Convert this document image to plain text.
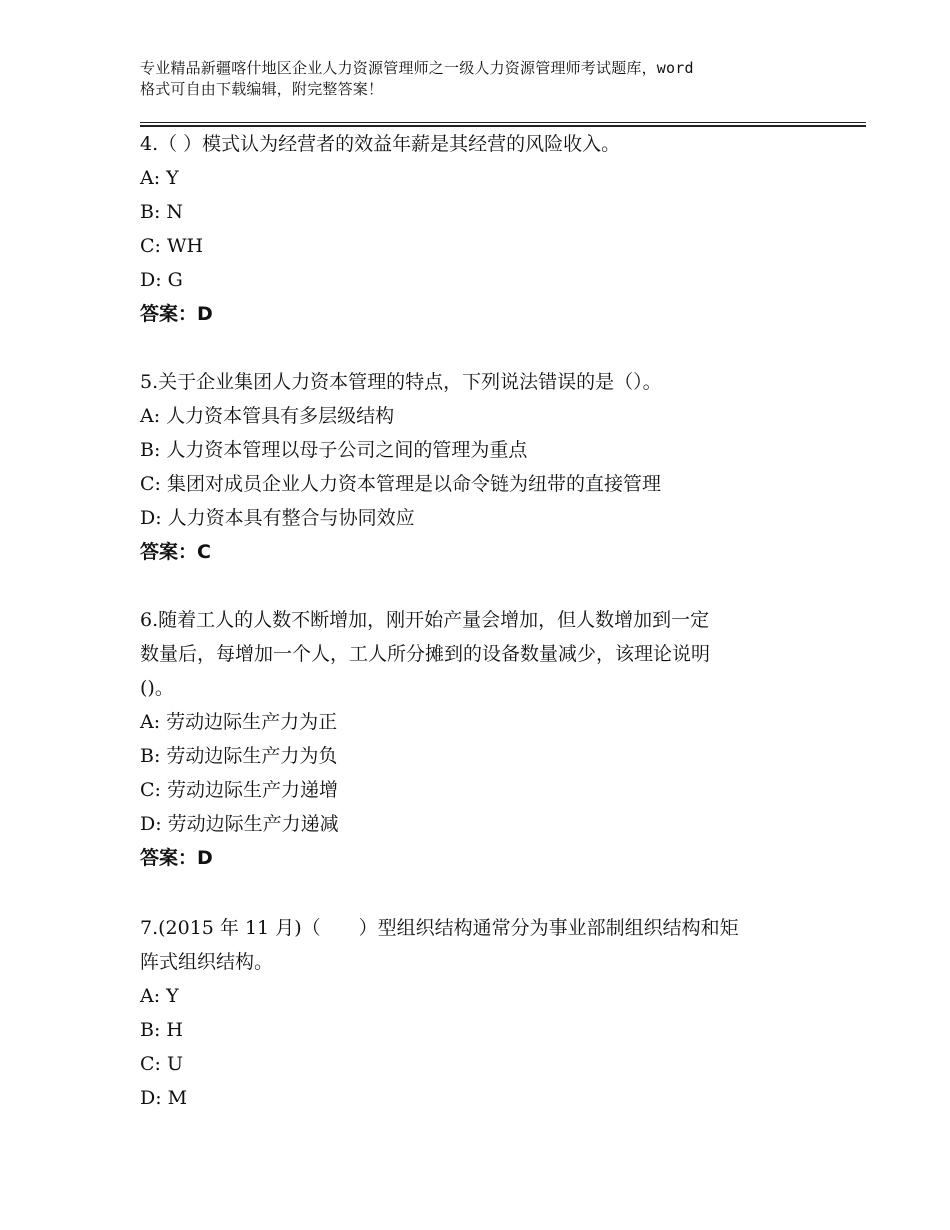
专业精品新疆喀什地区企业人力资源管理师之一级人力资源管理师考试题库，word
格式可自由下载编辑，附完整答案！
4.（ ）模式认为经营者的效益年薪是其经营的风险收入。
A: Y
B: N
C: WH
D: G
答案：D
5.关于企业集团人力资本管理的特点，下列说法错误的是（）。
A: 人力资本管具有多层级结构
B: 人力资本管理以母子公司之间的管理为重点
C: 集团对成员企业人力资本管理是以命令链为纽带的直接管理
D: 人力资本具有整合与协同效应
答案：C
6.随着工人的人数不断增加，刚开始产量会增加，但人数增加到一定
数量后，每增加一个人，工人所分摊到的设备数量减少，该理论说明
()。
A: 劳动边际生产力为正
B: 劳动边际生产力为负
C: 劳动边际生产力递增
D: 劳动边际生产力递减
答案：D
7.(2015 年 11 月)（　　）型组织结构通常分为事业部制组织结构和矩
阵式组织结构。
A: Y
B: H
C: U
D: M
